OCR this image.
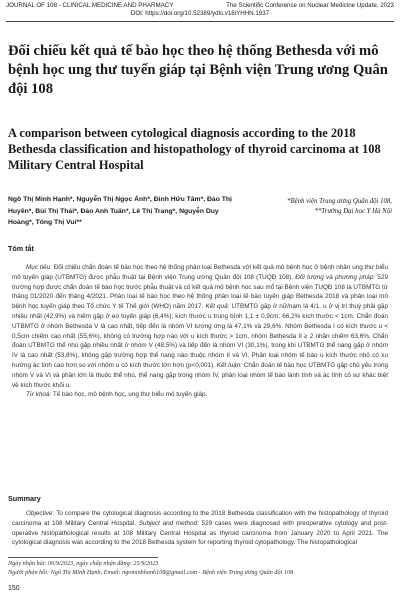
JOURNAL OF 108 - CLINICAL MEDICINE AND PHARMACY	The Scientific Conference on Nuclear Medicine Update, 2023
DOI: https://doi.org/10.52389/ydls.v18iYHHN.1937
Đối chiếu kết quả tế bào học theo hệ thống Bethesda với mô bệnh học ung thư tuyến giáp tại Bệnh viện Trung ương Quân đội 108
A comparison between cytological diagnosis according to the 2018 Bethesda classification and histopathology of thyroid carcinoma at 108 Military Central Hospital
Ngô Thị Minh Hạnh*, Nguyễn Thị Ngọc Ánh*, Đinh Hữu Tâm*, Đào Thị Huyền*, Bùi Thị Thái*, Đào Anh Tuấn*, Lê Thị Trang*, Nguyễn Duy Hoàng*, Tống Thị Vui**
*Bệnh viện Trung ương Quân đội 108,
**Trường Đại học Y Hà Nội
Tóm tắt

Mục tiêu: Đối chiếu chẩn đoán tế bào học theo hệ thống phân loại Bethesda với kết quả mô bệnh học ở bệnh nhân ung thư biểu mô tuyến giáp (UTBMTG) được phẫu thuật tại Bệnh viện Trung ương Quân đội 108 (TUQĐ 108). Đối tượng và phương pháp: 529 trường hợp được chẩn đoán tế bào học trước phẫu thuật và có kết quả mô bệnh học sau mổ tại Bệnh viện TUQĐ 108 là UTBMTG từ tháng 01/2020 đến tháng 4/2021. Phân loại tế bào học theo hệ thống phân loại tế bào tuyến giáp Bethesda 2018 và phân loại mô bệnh học tuyến giáp theo Tổ chức Y tế Thế giới (WHO) năm 2017. Kết quả: UTBMTG gặp ở nữ/nam là 4/1, u ở vị trí thuỳ phải gặp nhiều nhất (42,9%) và hiếm gặp ở eo tuyến giáp (6,4%); kích thước u trung bình 1,1 ± 0,9cm; 66,2% kích thước < 1cm. Chẩn đoán UTBMTG ở nhóm Bethesda V là cao nhất, tiếp đến là nhóm VI tương ứng là 47,1% và 29,6%. Nhóm Bethesda I có kích thước u < 0,5cm chiếm cao nhất (55,6%), không có trường hợp nào với u kích thước > 1cm, nhóm Bethesda II ≥ 2 nhân chiếm 63,6%. Chẩn đoán UTBMTG thể nhú gặp nhiều nhất ở nhóm V (48,5%) và tiếp đến là nhóm VI (30,1%), trong khi UTBMTG thể nang gặp ở nhóm IV là cao nhất (53,8%), không gặp trường hợp thể nang nào thuộc nhóm II và VI. Phân loại nhóm tế bào u kích thước nhỏ có xu hướng ác tính cao hơn so với nhóm u có kích thước lớn hơn (p<0,001). Kết luận: Chẩn đoán tế bào học UTBMTG gặp chủ yếu trong nhóm V và VI và phần lớn là thuộc thể nhú, thể nang gặp trong nhóm IV, phân loại nhóm tế bào lành tính và ác tính có sự khác biệt về kích thước khối u.

Từ khoá: Tế bào học, mô bệnh học, ung thư biểu mô tuyến giáp.

Summary

Objective: To compare the cytological diagnosis according to the 2018 Bethesda classification with the histopathology of thyroid carcinoma at 108 Military Central Hospital. Subject and method: 529 cases were diagnosed with preoperative cytology and post-operative histopathological results at 108 Military Central Hospital as thyroid carcinoma from January 2020 to April 2021. The cytological diagnosis was according to the 2018 Bethesda system for reporting thyroid cytopathology. The histopathological

Ngày nhận bài: 06/9/2023, ngày chấp nhận đăng: 25/9/2023
Người phản hồi: Ngô Thị Minh Hạnh, Email: ngominhhanh108@gmail.com - Bệnh viện Trung ương Quân đội 108
150
